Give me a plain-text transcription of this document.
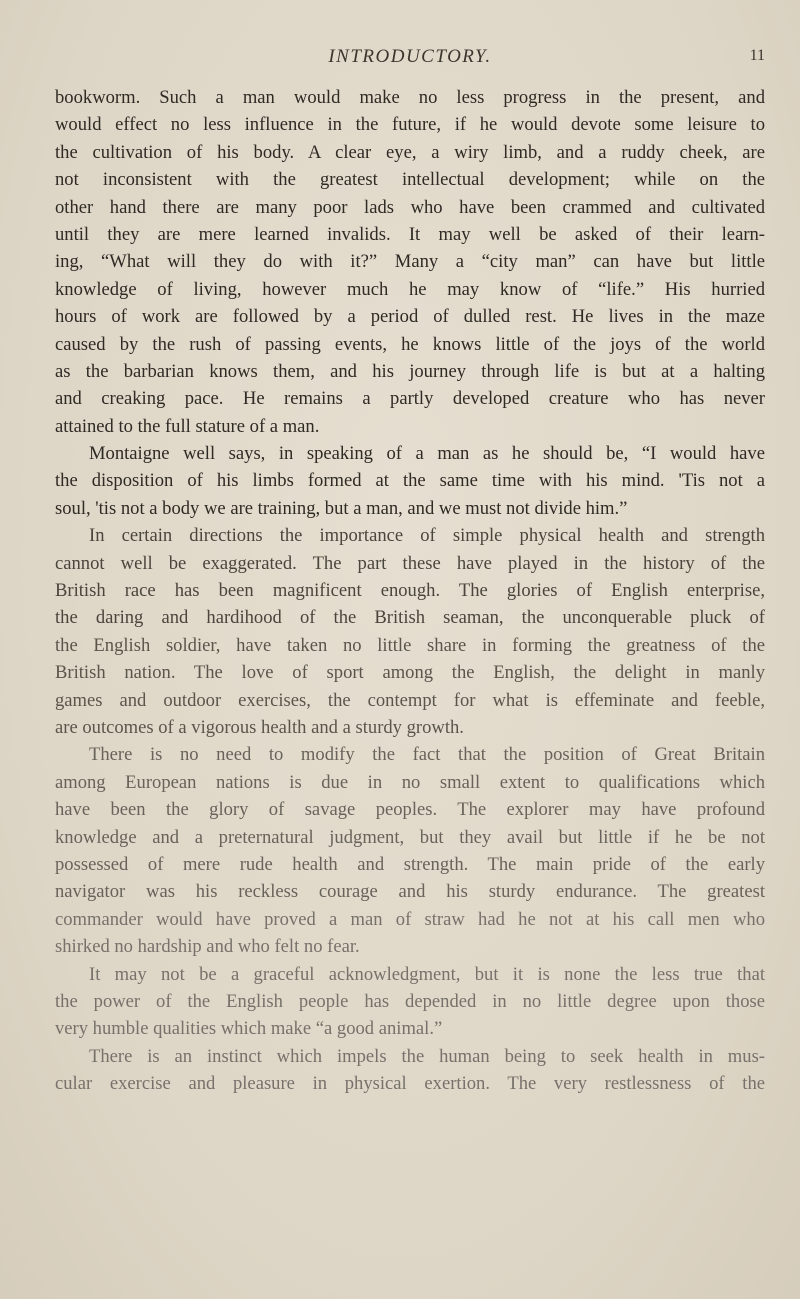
INTRODUCTORY.	11
bookworm. Such a man would make no less progress in the present, and
would effect no less influence in the future, if he would devote some leisure to
the cultivation of his body. A clear eye, a wiry limb, and a ruddy cheek, are
not inconsistent with the greatest intellectual development; while on the
other hand there are many poor lads who have been crammed and cultivated
until they are mere learned invalids. It may well be asked of their learn-
ing, “What will they do with it?” Many a “city man” can have but little
knowledge of living, however much he may know of “life.” His hurried
hours of work are followed by a period of dulled rest. He lives in the maze
caused by the rush of passing events, he knows little of the joys of the world
as the barbarian knows them, and his journey through life is but at a halting
and creaking pace. He remains a partly developed creature who has never
attained to the full stature of a man.
Montaigne well says, in speaking of a man as he should be, “I would have
the disposition of his limbs formed at the same time with his mind. 'Tis not a
soul, 'tis not a body we are training, but a man, and we must not divide him.”
In certain directions the importance of simple physical health and strength
cannot well be exaggerated. The part these have played in the history of the
British race has been magnificent enough. The glories of English enterprise,
the daring and hardihood of the British seaman, the unconquerable pluck of
the English soldier, have taken no little share in forming the greatness of the
British nation. The love of sport among the English, the delight in manly
games and outdoor exercises, the contempt for what is effeminate and feeble,
are outcomes of a vigorous health and a sturdy growth.
There is no need to modify the fact that the position of Great Britain
among European nations is due in no small extent to qualifications which
have been the glory of savage peoples. The explorer may have profound
knowledge and a preternatural judgment, but they avail but little if he be not
possessed of mere rude health and strength. The main pride of the early
navigator was his reckless courage and his sturdy endurance. The greatest
commander would have proved a man of straw had he not at his call men who
shirked no hardship and who felt no fear.
It may not be a graceful acknowledgment, but it is none the less true that
the power of the English people has depended in no little degree upon those
very humble qualities which make “a good animal.”
There is an instinct which impels the human being to seek health in mus-
cular exercise and pleasure in physical exertion. The very restlessness of the
